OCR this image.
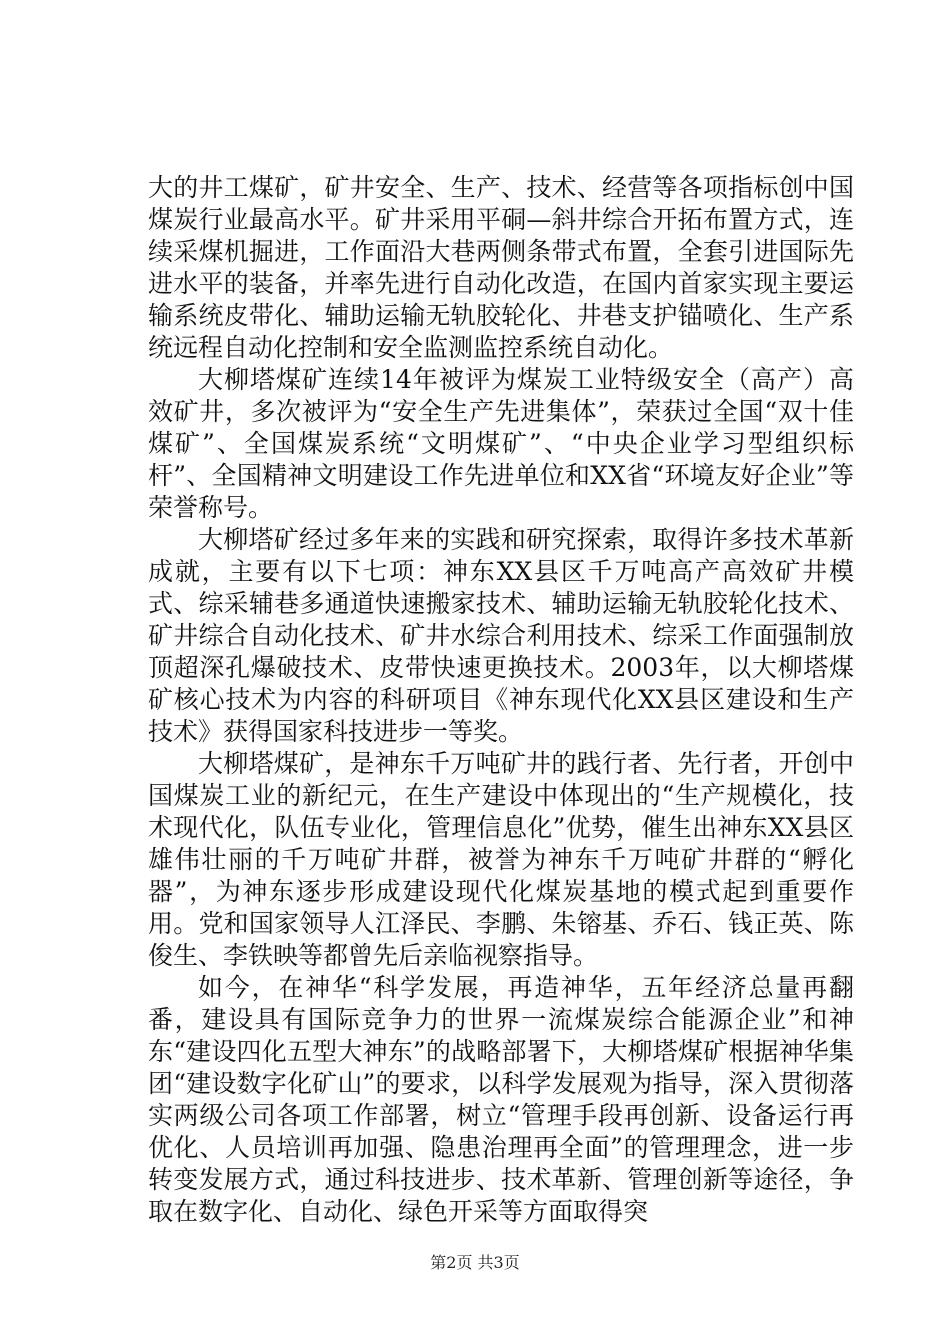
大的井工煤矿，矿井安全、生产、技术、经营等各项指标创中国煤炭行业最高水平。矿井采用平硐—斜井综合开拓布置方式，连续采煤机掘进，工作面沿大巷两侧条带式布置，全套引进国际先进水平的装备，并率先进行自动化改造，在国内首家实现主要运输系统皮带化、辅助运输无轨胶轮化、井巷支护锚喷化、生产系统远程自动化控制和安全监测监控系统自动化。

大柳塔煤矿连续14年被评为煤炭工业特级安全（高产）高效矿井，多次被评为“安全生产先进集体”，荣获过全国“双十佳煤矿”、全国煤炭系统“文明煤矿”、“中央企业学习型组织标杆”、全国精神文明建设工作先进单位和XX省“环境友好企业”等荣誉称号。

大柳塔矿经过多年来的实践和研究探索，取得许多技术革新成就，主要有以下七项：神东XX县区千万吨高产高效矿井模式、综采辅巷多通道快速搬家技术、辅助运输无轨胶轮化技术、矿井综合自动化技术、矿井水综合利用技术、综采工作面强制放顶超深孔爆破技术、皮带快速更换技术。2003年，以大柳塔煤矿核心技术为内容的科研项目《神东现代化XX县区建设和生产技术》获得国家科技进步一等奖。

大柳塔煤矿，是神东千万吨矿井的践行者、先行者，开创中国煤炭工业的新纪元，在生产建设中体现出的“生产规模化，技术现代化，队伍专业化，管理信息化”优势，催生出神东XX县区雄伟壮丽的千万吨矿井群，被誉为神东千万吨矿井群的“孵化器”，为神东逐步形成建设现代化煤炭基地的模式起到重要作用。党和国家领导人江泽民、李鹏、朱镕基、乔石、钱正英、陈俊生、李铁映等都曾先后亲临视察指导。

如今，在神华“科学发展，再造神华，五年经济总量再翻番，建设具有国际竞争力的世界一流煤炭综合能源企业”和神东“建设四化五型大神东”的战略部署下，大柳塔煤矿根据神华集团“建设数字化矿山”的要求，以科学发展观为指导，深入贯彻落实两级公司各项工作部署，树立“管理手段再创新、设备运行再优化、人员培训再加强、隐患治理再全面”的管理理念，进一步转变发展方式，通过科技进步、技术革新、管理创新等途径，争取在数字化、自动化、绿色开采等方面取得突

第2页 共3页
